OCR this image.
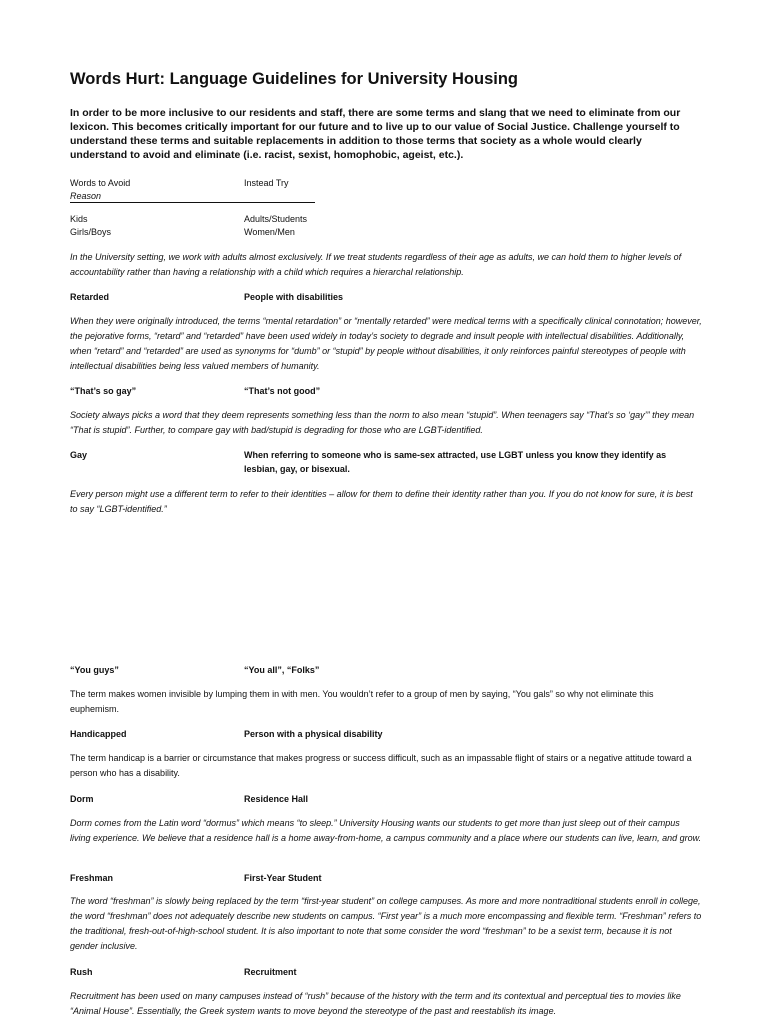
Words Hurt: Language Guidelines for University Housing

In order to be more inclusive to our residents and staff, there are some terms and slang that we need to eliminate from our lexicon. This becomes critically important for our future and to live up to our value of Social Justice. Challenge yourself to understand these terms and suitable replacements in addition to those terms that society as a whole would clearly understand to avoid and eliminate (i.e. racist, sexist, homophobic, ageist, etc.).

Words to Avoid	Instead Try
Reason
Kids	Adults/Students
Girls/Boys	Women/Men

In the University setting, we work with adults almost exclusively. If we treat students regardless of their age as adults, we can hold them to higher levels of accountability rather than having a relationship with a child which requires a hierarchal relationship.

Retarded	People with disabilities

When they were originally introduced, the terms “mental retardation” or “mentally retarded” were medical terms with a specifically clinical connotation; however, the pejorative forms, “retard” and “retarded” have been used widely in today’s society to degrade and insult people with intellectual disabilities. Additionally, when “retard” and “retarded” are used as synonyms for “dumb” or “stupid” by people without disabilities, it only reinforces painful stereotypes of people with intellectual disabilities being less valued members of humanity.

“That’s so gay”	“That’s not good”

Society always picks a word that they deem represents something less than the norm to also mean “stupid”. When teenagers say “That’s so ‘gay’” they mean “That is stupid”. Further, to compare gay with bad/stupid is degrading for those who are LGBT-identified.

Gay	When referring to someone who is same-sex attracted, use LGBT unless you know they identify as lesbian, gay, or bisexual.

Every person might use a different term to refer to their identities – allow for them to define their identity rather than you. If you do not know for sure, it is best to say “LGBT-identified.”

“You guys”	“You all”, “Folks”

The term makes women invisible by lumping them in with men. You wouldn’t refer to a group of men by saying, “You gals” so why not eliminate this euphemism.

Handicapped	Person with a physical disability

The term handicap is a barrier or circumstance that makes progress or success difficult, such as an impassable flight of stairs or a negative attitude toward a person who has a disability.

Dorm	Residence Hall

Dorm comes from the Latin word “dormus” which means “to sleep.” University Housing wants our students to get more than just sleep out of their campus living experience. We believe that a residence hall is a home away-from-home, a campus community and a place where our students can live, learn, and grow.

Freshman	First-Year Student

The word “freshman” is slowly being replaced by the term “first-year student” on college campuses. As more and more nontraditional students enroll in college, the word “freshman” does not adequately describe new students on campus. “First year” is a much more encompassing and flexible term. “Freshman” refers to the traditional, fresh-out-of-high-school student. It is also important to note that some consider the word “freshman” to be a sexist term, because it is not gender inclusive.

Rush	Recruitment

Recruitment has been used on many campuses instead of “rush” because of the history with the term and its contextual and perceptual ties to movies like “Animal House”. Essentially, the Greek system wants to move beyond the stereotype of the past and reestablish its image.
